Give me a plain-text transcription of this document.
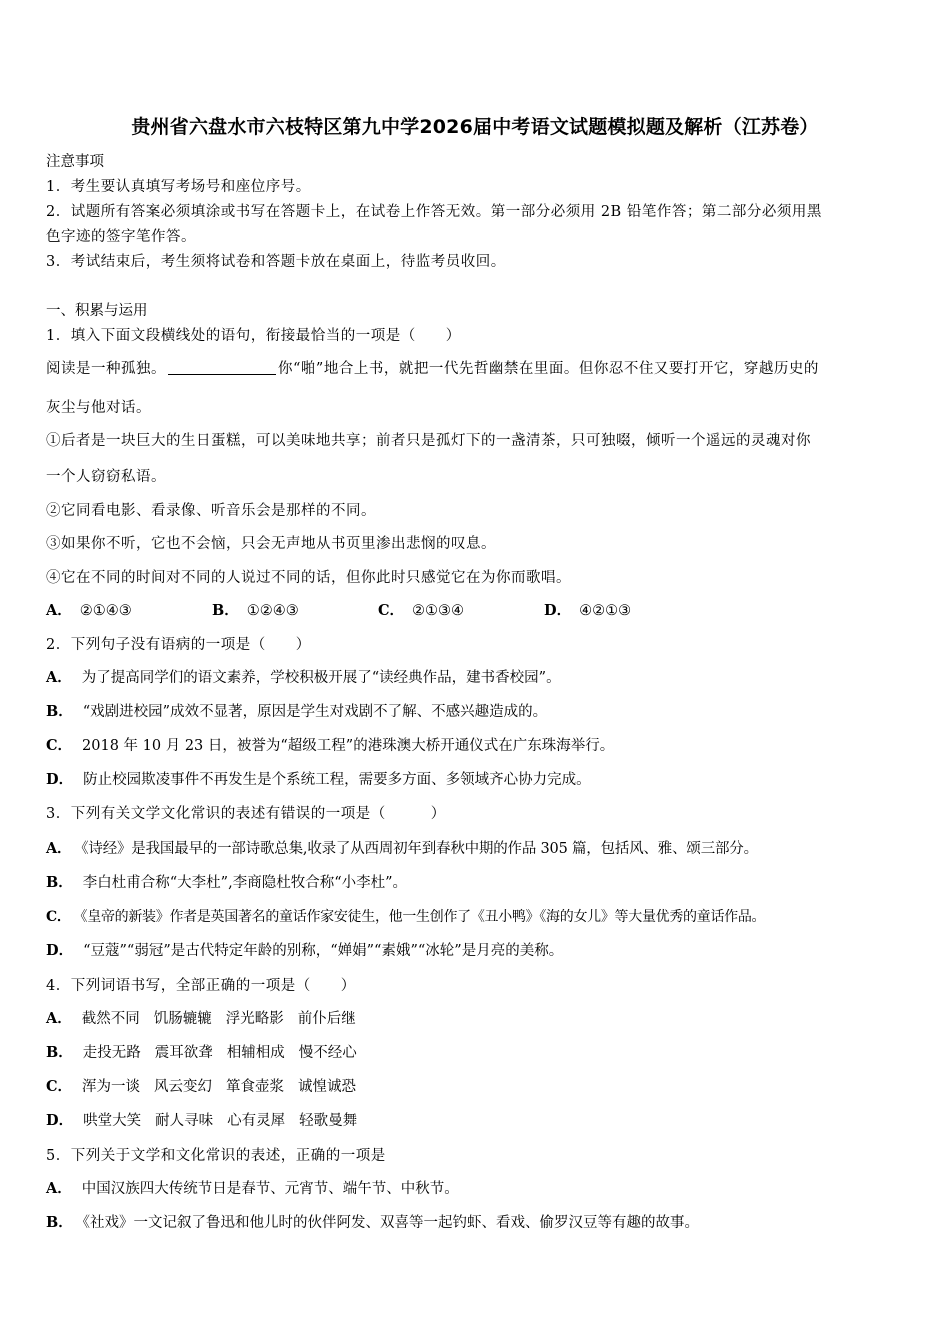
贵州省六盘水市六枝特区第九中学2026届中考语文试题模拟题及解析（江苏卷）
注意事项
1．考生要认真填写考场号和座位序号。
2．试题所有答案必须填涂或书写在答题卡上，在试卷上作答无效。第一部分必须用 2B 铅笔作答；第二部分必须用黑
色字迹的签字笔作答。
3．考试结束后，考生须将试卷和答题卡放在桌面上，待监考员收回。
一、积累与运用
1．填入下面文段横线处的语句，衔接最恰当的一项是（　　）
阅读是一种孤独。	你“啪”地合上书，就把一代先哲幽禁在里面。但你忍不住又要打开它，穿越历史的
灰尘与他对话。
①后者是一块巨大的生日蛋糕，可以美味地共享；前者只是孤灯下的一盏清茶，只可独啜，倾听一个遥远的灵魂对你
一个人窃窃私语。
②它同看电影、看录像、听音乐会是那样的不同。
③如果你不听，它也不会恼，只会无声地从书页里渗出悲悯的叹息。
④它在不同的时间对不同的人说过不同的话，但你此时只感觉它在为你而歌唱。
A． ②①④③	B． ①②④③	C． ②①③④	D． ④②①③
2．下列句子没有语病的一项是（　　）
A． 为了提高同学们的语文素养，学校积极开展了“读经典作品，建书香校园”。
B． “戏剧进校园”成效不显著，原因是学生对戏剧不了解、不感兴趣造成的。
C． 2018 年 10 月 23 日，被誉为“超级工程”的港珠澳大桥开通仪式在广东珠海举行。
D． 防止校园欺凌事件不再发生是个系统工程，需要多方面、多领域齐心协力完成。
3．下列有关文学文化常识的表述有错误的一项是（　　　）
A． 《诗经》是我国最早的一部诗歌总集,收录了从西周初年到春秋中期的作品 305 篇，包括风、雅、颂三部分。
B． 李白杜甫合称“大李杜”,李商隐杜牧合称“小李杜”。
C． 《皇帝的新装》作者是英国著名的童话作家安徒生，他一生创作了《丑小鸭》《海的女儿》等大量优秀的童话作品。
D． “豆蔻”“弱冠”是古代特定年龄的别称，“婵娟”“素娥”“冰轮”是月亮的美称。
4．下列词语书写，全部正确的一项是（　　）
A． 截然不同 饥肠辘辘 浮光略影 前仆后继
B． 走投无路 震耳欲聋 相辅相成 慢不经心
C． 浑为一谈 风云变幻 箪食壶浆 诚惶诚恐
D． 哄堂大笑 耐人寻味 心有灵犀 轻歌曼舞
5．下列关于文学和文化常识的表述，正确的一项是
A． 中国汉族四大传统节日是春节、元宵节、端午节、中秋节。
B． 《社戏》一文记叙了鲁迅和他儿时的伙伴阿发、双喜等一起钓虾、看戏、偷罗汉豆等有趣的故事。
